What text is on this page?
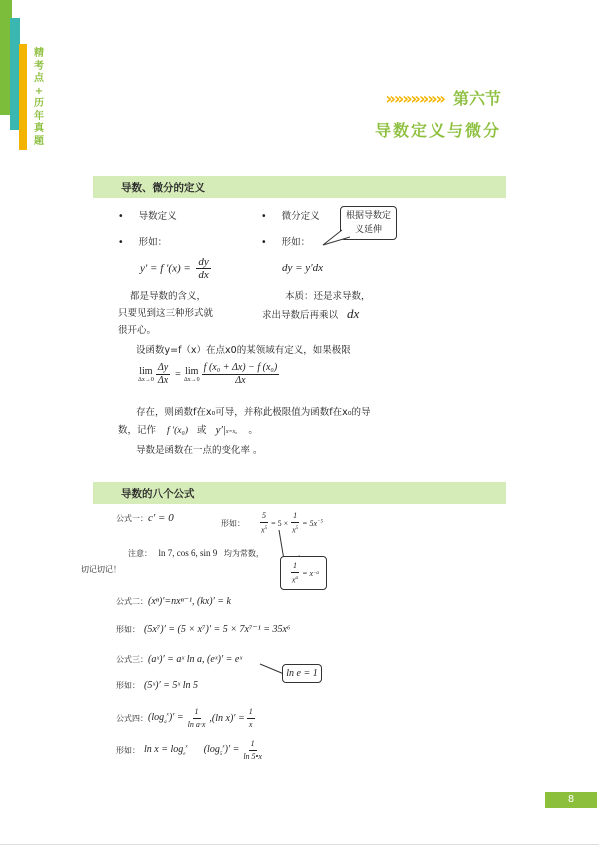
精
考
点
+
历
年
真
题
»»»»»»» 第六节
导数定义与微分
导数、微分的定义
• 导数定义
• 形如：
• 微分定义
• 形如：
根据导数定义延伸
y′ = f $'(x) = \frac{dy}{dx}$	dy = y′dx
都是导数的含义，
只要见到这三种形式就
很开心。
本质：还是求导数，
求出导数后再乘以 dx
设函数y=f（x）在点x0的某领域有定义，如果极限
lim
$\Delta x\to 0 \frac{\Delta y}{\Delta x} = \lim$
$\Delta x\to 0 \frac{\text{f (x₀ + Δx) − f (x₀)}}{\Delta x}$
存在，则函数f在x₀可导，并称此极限值为函数f在x₀的导
数，记作 f ′(x₀) 或 y′|x=x₀ 。
导数是函数在一点的变化率 。
导数的八个公式
公式一：c′ = 0	形如： $\frac{5}{x^5} = 5 \times \frac{1}{x^5} = 5x^{-5}$
注意： ln 7, cos 6, sin 9 均为常数，
切记切记！	$\frac{1}{x^\alpha} = x -\alpha$
公式二：(xⁿ)′=nxⁿ⁻¹, (kx)′ = k
形如： (5x⁷)′ = (5 × x⁷)′ = 5 × 7x⁷⁻¹ = 35x⁶
公式三：(aˣ)′ = aˣ ln a, (eˣ)′ = eˣ
ln e = 1
形如： (5ˣ)′ = 5ˣ ln 5
公式四： $(\log_a^x)' = \frac{1}{\text{ln a·x}} ,(\ln$ $x)' = \frac{1}{x}$
形如： $\ln x = \log_e^x (\log_5^x)' = \frac{1}{\ln 5•x}$
8
